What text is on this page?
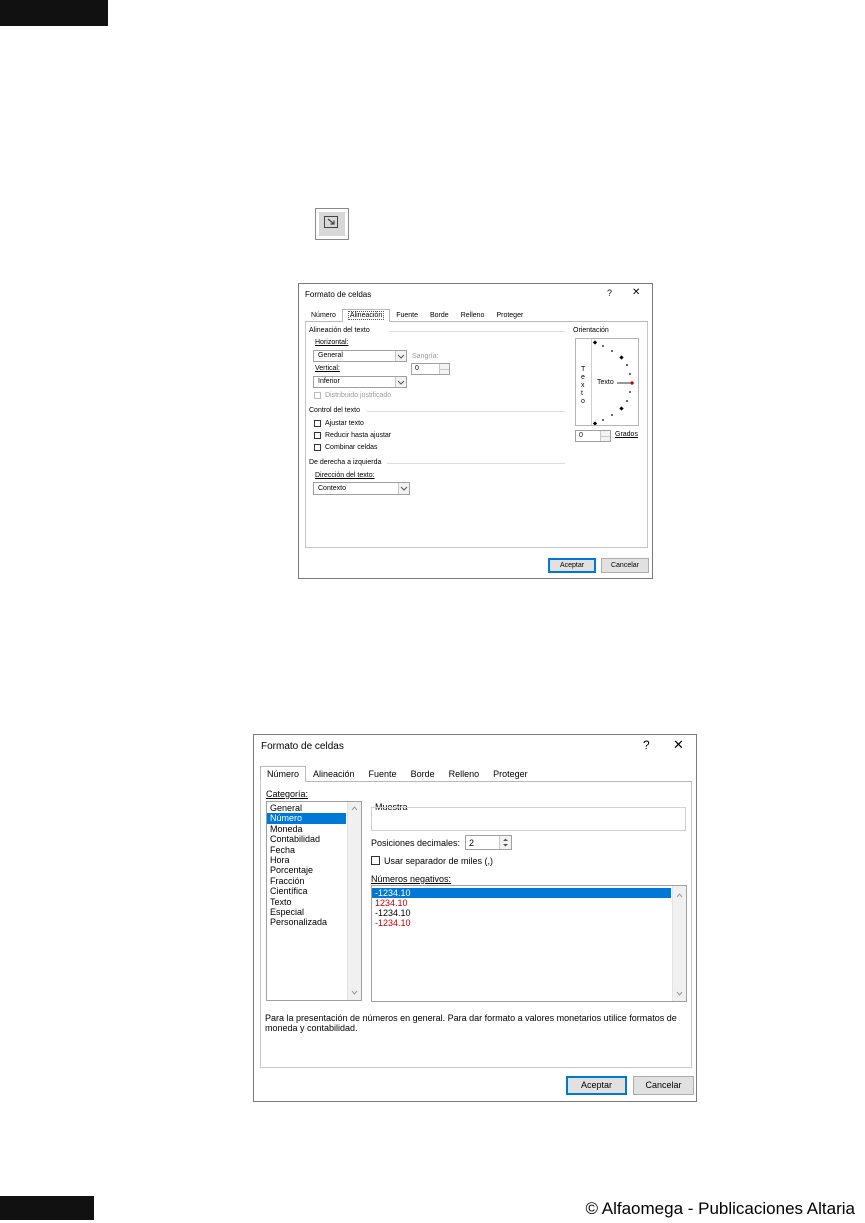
Formato de celdas	? ✕
Número	Alineación	Fuente	Borde	Relleno	Proteger
Alineación del texto
Horizontal:
General	Sangría:
0
Vertical:
Inferior
Distribuido justificado
Control del texto
Ajustar texto
Reducir hasta ajustar
Combinar celdas
De derecha a izquierda
Dirección del texto:
Contexto
Orientación
T
e
x
t
o
Texto
0	Grados
Aceptar	Cancelar
Formato de celdas	? ✕
Número	Alineación	Fuente	Borde	Relleno	Proteger
Categoría:
General
Número
Moneda
Contabilidad
Fecha
Hora
Porcentaje
Fracción
Científica
Texto
Especial
Personalizada
Muestra
Posiciones decimales: 2
Usar separador de miles (,)
Números negativos:
-1234.10
1234.10
-1234.10
-1234.10
Para la presentación de números en general. Para dar formato a valores monetarios utilice formatos de moneda y contabilidad.
Aceptar	Cancelar
© Alfaomega - Publicaciones Altaria
